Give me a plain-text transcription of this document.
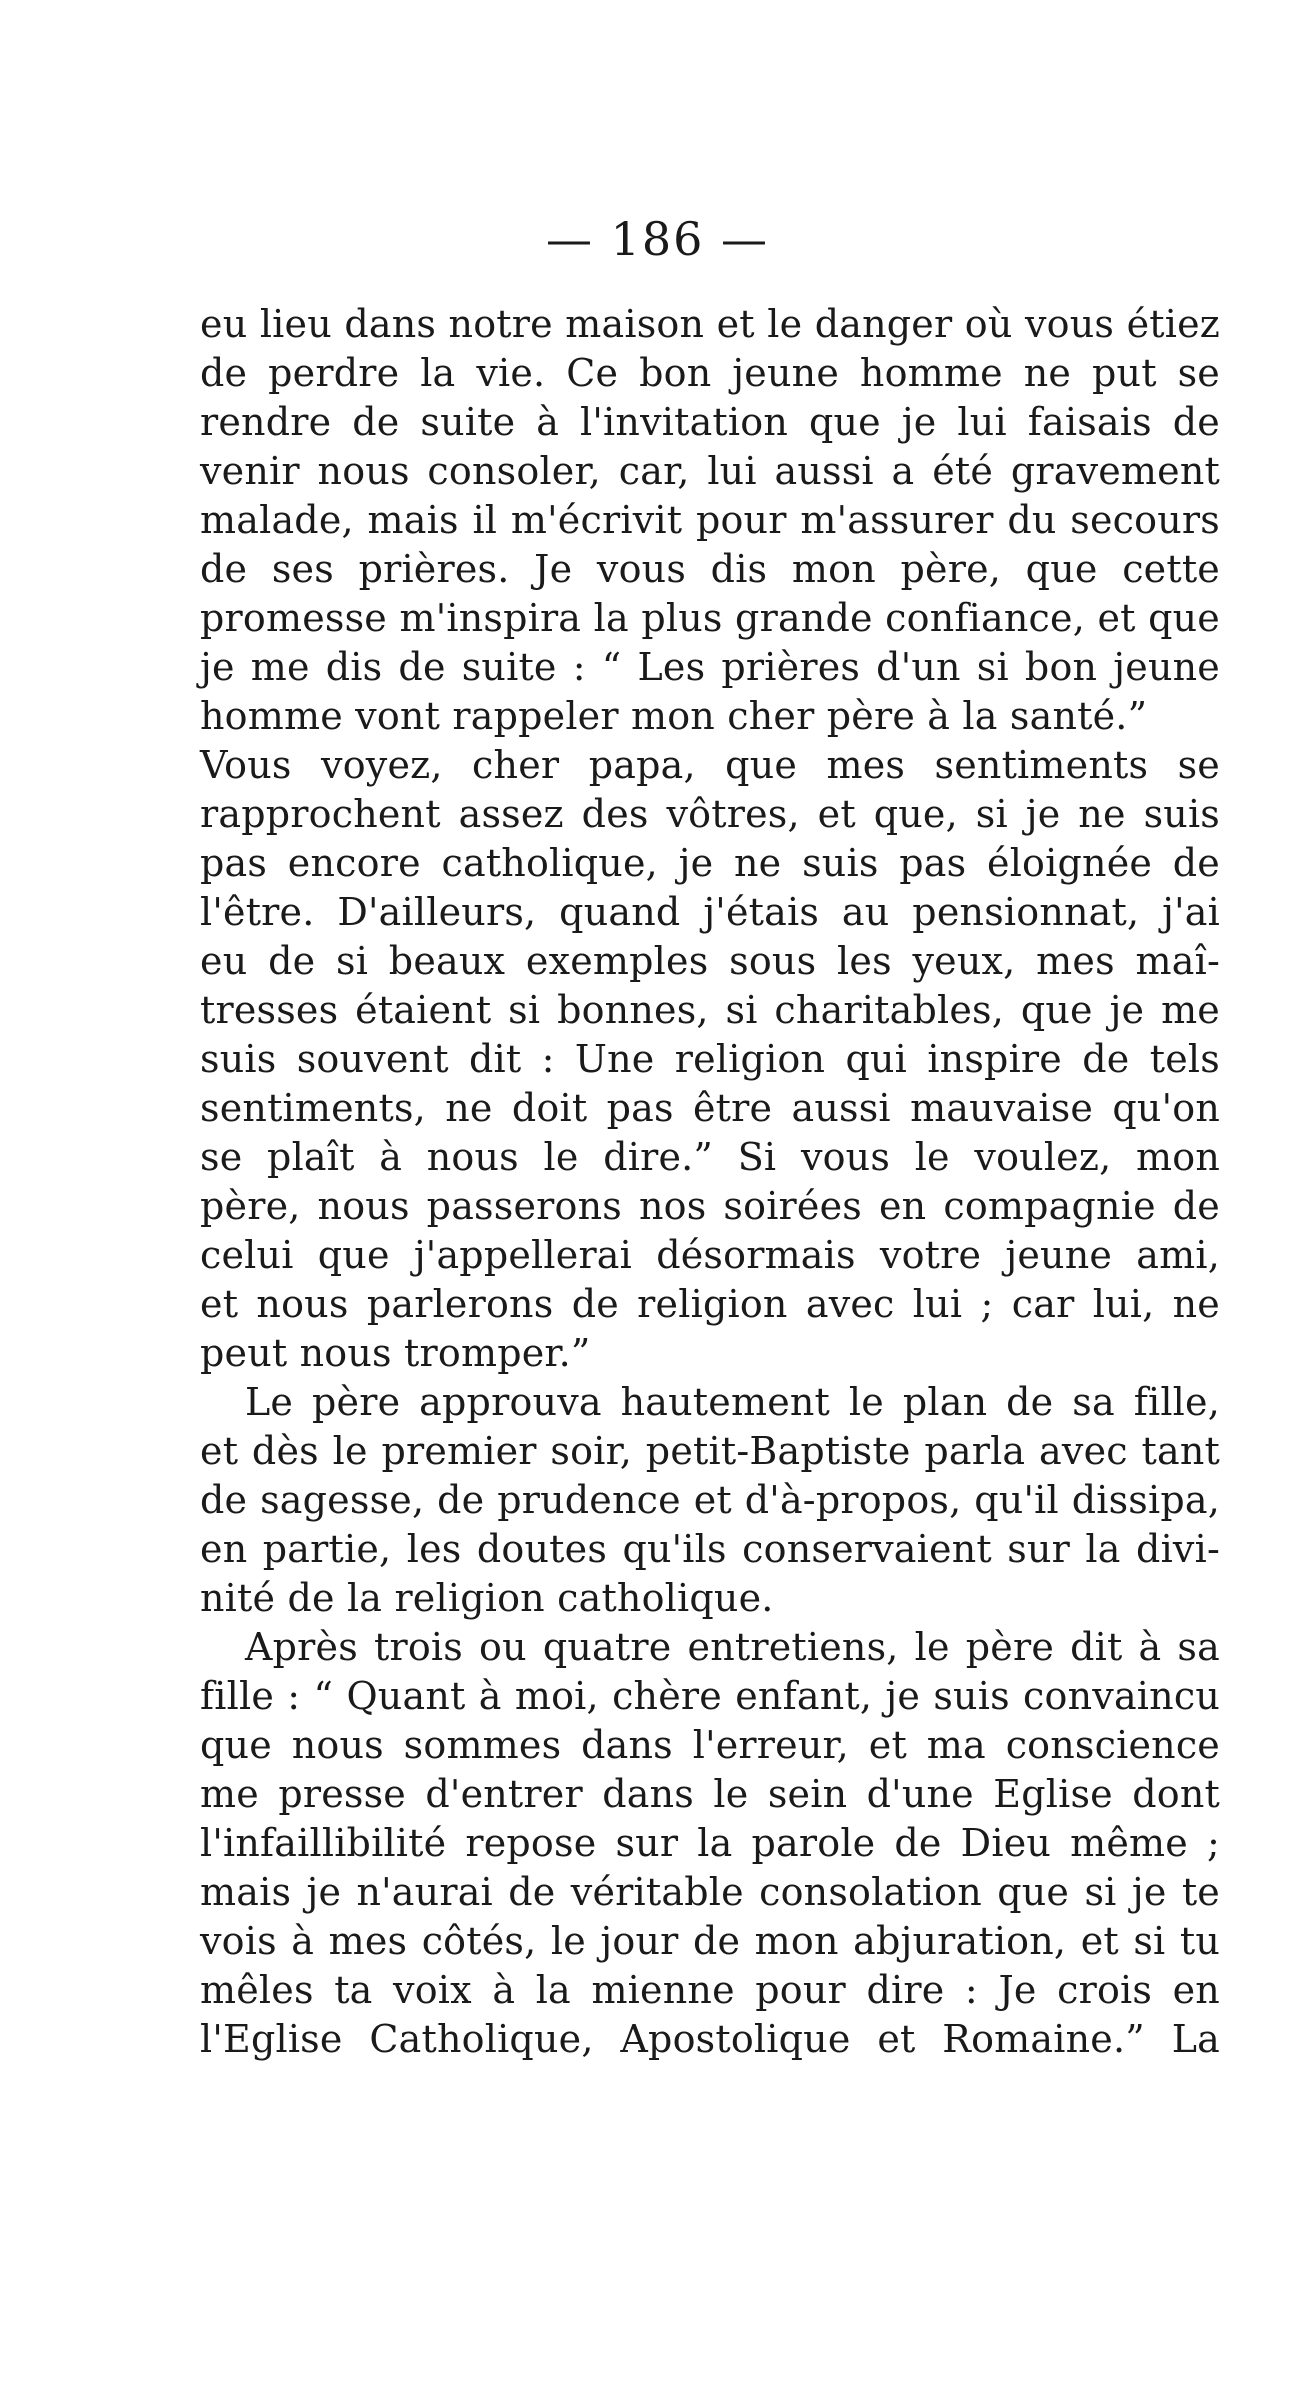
— 186 —
eu lieu dans notre maison et le danger où vous étiez
de perdre la vie. Ce bon jeune homme ne put se
rendre de suite à l'invitation que je lui faisais de
venir nous consoler, car, lui aussi a été gravement
malade, mais il m'écrivit pour m'assurer du secours
de ses prières. Je vous dis mon père, que cette
promesse m'inspira la plus grande confiance, et que
je me dis de suite : “ Les prières d'un si bon jeune
homme vont rappeler mon cher père à la santé.”
Vous voyez, cher papa, que mes sentiments se
rapprochent assez des vôtres, et que, si je ne suis
pas encore catholique, je ne suis pas éloignée de
l'être. D'ailleurs, quand j'étais au pensionnat, j'ai
eu de si beaux exemples sous les yeux, mes maî-
tresses étaient si bonnes, si charitables, que je me
suis souvent dit : Une religion qui inspire de tels
sentiments, ne doit pas être aussi mauvaise qu'on
se plaît à nous le dire.” Si vous le voulez, mon
père, nous passerons nos soirées en compagnie de
celui que j'appellerai désormais votre jeune ami,
et nous parlerons de religion avec lui ; car lui, ne
peut nous tromper.”
Le père approuva hautement le plan de sa fille,
et dès le premier soir, petit-Baptiste parla avec tant
de sagesse, de prudence et d'à-propos, qu'il dissipa,
en partie, les doutes qu'ils conservaient sur la divi-
nité de la religion catholique.
Après trois ou quatre entretiens, le père dit à sa
fille : “ Quant à moi, chère enfant, je suis convaincu
que nous sommes dans l'erreur, et ma conscience
me presse d'entrer dans le sein d'une Eglise dont
l'infaillibilité repose sur la parole de Dieu même ;
mais je n'aurai de véritable consolation que si je te
vois à mes côtés, le jour de mon abjuration, et si tu
mêles ta voix à la mienne pour dire : Je crois en
l'Eglise Catholique, Apostolique et Romaine.” La
